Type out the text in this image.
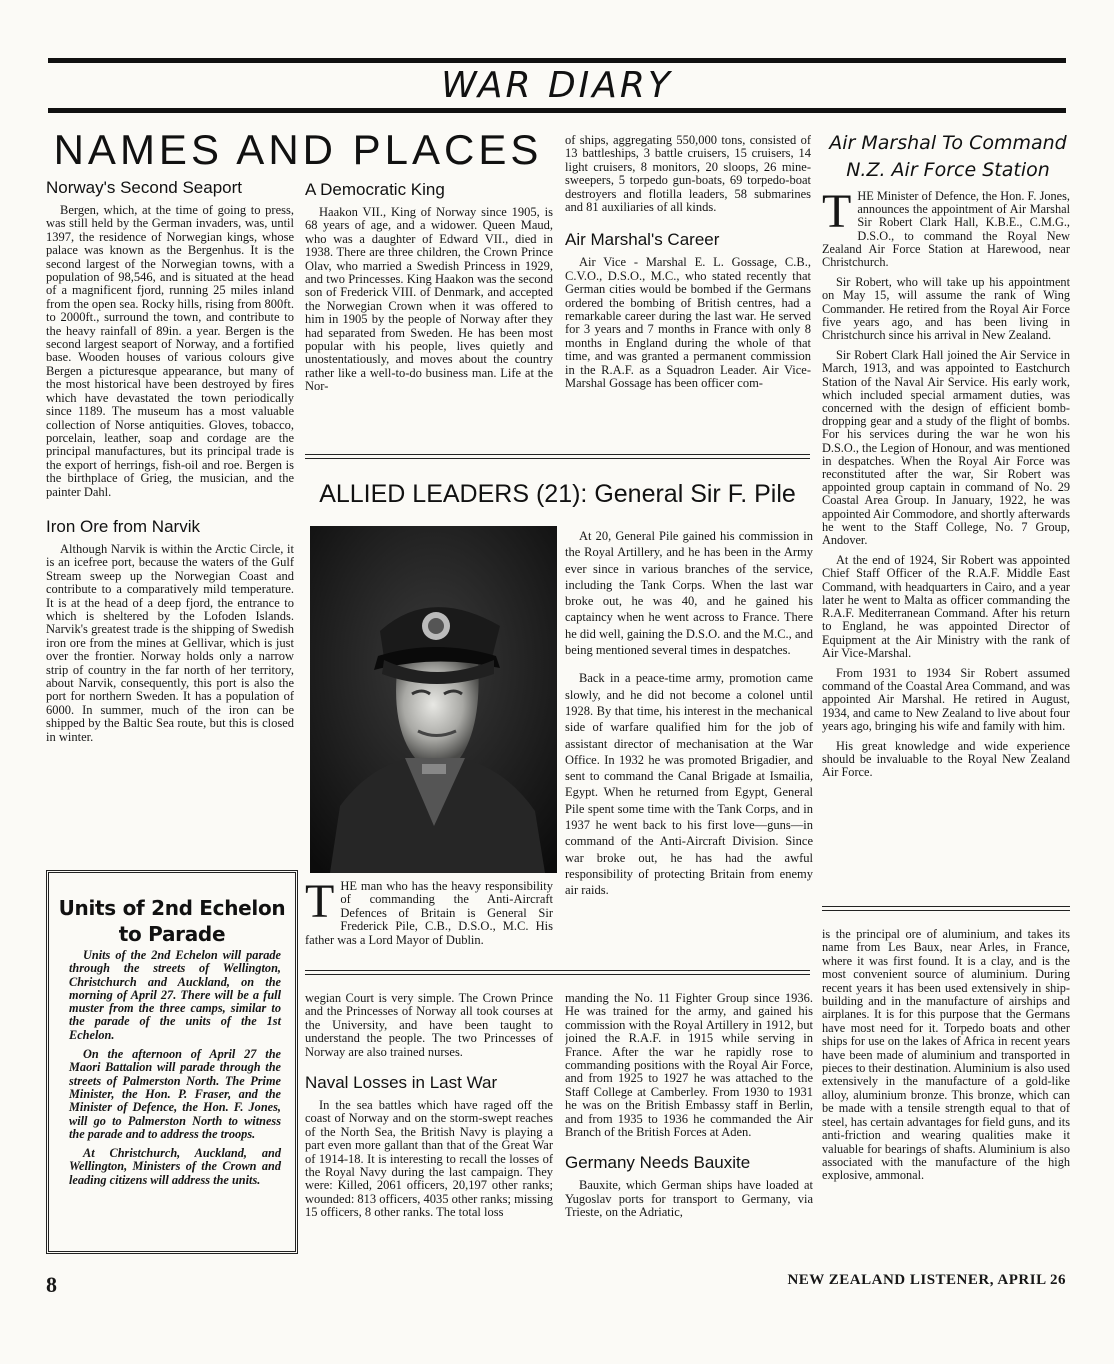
WAR DIARY
NAMES AND PLACES
Norway's Second Seaport

Bergen, which, at the time of going to press, was still held by the German invaders, was, until 1397, the residence of Norwegian kings, whose palace was known as the Bergenhus. It is the second largest of the Norwegian towns, with a population of 98,546, and is situated at the head of a magnificent fjord, running 25 miles inland from the open sea. Rocky hills, rising from 800ft. to 2000ft., surround the town, and contribute to the heavy rainfall of 89in. a year. Bergen is the second largest seaport of Norway, and a fortified base. Wooden houses of various colours give Bergen a picturesque appearance, but many of the most historical have been destroyed by fires which have devastated the town periodically since 1189. The museum has a most valuable collection of Norse antiquities. Gloves, tobacco, porcelain, leather, soap and cordage are the principal manufactures, but its principal trade is the export of herrings, fish-oil and roe. Bergen is the birthplace of Grieg, the musician, and the painter Dahl.

Iron Ore from Narvik

Although Narvik is within the Arctic Circle, it is an icefree port, because the waters of the Gulf Stream sweep up the Norwegian Coast and contribute to a comparatively mild temperature. It is at the head of a deep fjord, the entrance to which is sheltered by the Lofoden Islands. Narvik's greatest trade is the shipping of Swedish iron ore from the mines at Gellivar, which is just over the frontier. Norway holds only a narrow strip of country in the far north of her territory, about Narvik, consequently, this port is also the port for northern Sweden. It has a population of 6000. In summer, much of the iron can be shipped by the Baltic Sea route, but this is closed in winter.

Units of 2nd Echelon
to Parade

Units of the 2nd Echelon will parade through the streets of Wellington, Christchurch and Auckland, on the morning of April 27. There will be a full muster from the three camps, similar to the parade of the units of the 1st Echelon.

On the afternoon of April 27 the Maori Battalion will parade through the streets of Palmerston North. The Prime Minister, the Hon. P. Fraser, and the Minister of Defence, the Hon. F. Jones, will go to Palmerston North to witness the parade and to address the troops.

At Christchurch, Auckland, and Wellington, Ministers of the Crown and leading citizens will address the units.

A Democratic King

Haakon VII., King of Norway since 1905, is 68 years of age, and a widower. Queen Maud, who was a daughter of Edward VII., died in 1938. There are three children, the Crown Prince Olav, who married a Swedish Princess in 1929, and two Princesses. King Haakon was the second son of Frederick VIII. of Denmark, and accepted the Norwegian Crown when it was offered to him in 1905 by the people of Norway after they had separated from Sweden. He has been most popular with his people, lives quietly and unostentatiously, and moves about the country rather like a well-to-do business man. Life at the Nor-

of ships, aggregating 550,000 tons, consisted of 13 battleships, 3 battle cruisers, 15 cruisers, 14 light cruisers, 8 monitors, 20 sloops, 26 mine-sweepers, 5 torpedo gun-boats, 69 torpedo-boat destroyers and flotilla leaders, 58 submarines and 81 auxiliaries of all kinds.

Air Marshal's Career

Air Vice - Marshal E. L. Gossage, C.B., C.V.O., D.S.O., M.C., who stated recently that German cities would be bombed if the Germans ordered the bombing of British centres, had a remarkable career during the last war. He served for 3 years and 7 months in France with only 8 months in England during the whole of that time, and was granted a permanent commission in the R.A.F. as a Squadron Leader. Air Vice-Marshal Gossage has been officer com-

ALLIED LEADERS (21): General Sir F. Pile

THE man who has the heavy responsibility of commanding the Anti-Aircraft Defences of Britain is General Sir Frederick Pile, C.B., D.S.O., M.C. His father was a Lord Mayor of Dublin.

At 20, General Pile gained his commission in the Royal Artillery, and he has been in the Army ever since in various branches of the service, including the Tank Corps. When the last war broke out, he was 40, and he gained his captaincy when he went across to France. There he did well, gaining the D.S.O. and the M.C., and being mentioned several times in despatches.

Back in a peace-time army, promotion came slowly, and he did not become a colonel until 1928. By that time, his interest in the mechanical side of warfare qualified him for the job of assistant director of mechanisation at the War Office. In 1932 he was promoted Brigadier, and sent to command the Canal Brigade at Ismailia, Egypt. When he returned from Egypt, General Pile spent some time with the Tank Corps, and in 1937 he went back to his first love—guns—in command of the Anti-Aircraft Division. Since war broke out, he has had the awful responsibility of protecting Britain from enemy air raids.

wegian Court is very simple. The Crown Prince and the Princesses of Norway all took courses at the University, and have been taught to understand the people. The two Princesses of Norway are also trained nurses.

Naval Losses in Last War

In the sea battles which have raged off the coast of Norway and on the storm-swept reaches of the North Sea, the British Navy is playing a part even more gallant than that of the Great War of 1914-18. It is interesting to recall the losses of the Royal Navy during the last campaign. They were: Killed, 2061 officers, 20,197 other ranks; wounded: 813 officers, 4035 other ranks; missing 15 officers, 8 other ranks. The total loss

manding the No. 11 Fighter Group since 1936. He was trained for the army, and gained his commission with the Royal Artillery in 1912, but joined the R.A.F. in 1915 while serving in France. After the war he rapidly rose to commanding positions with the Royal Air Force, and from 1925 to 1927 he was attached to the Staff College at Camberley. From 1930 to 1931 he was on the British Embassy staff in Berlin, and from 1935 to 1936 he commanded the Air Branch of the British Forces at Aden.

Germany Needs Bauxite

Bauxite, which German ships have loaded at Yugoslav ports for transport to Germany, via Trieste, on the Adriatic,

Air Marshal To Command
N.Z. Air Force Station

THE Minister of Defence, the Hon. F. Jones, announces the appointment of Air Marshal Sir Robert Clark Hall, K.B.E., C.M.G., D.S.O., to command the Royal New Zealand Air Force Station at Harewood, near Christchurch.

Sir Robert, who will take up his appointment on May 15, will assume the rank of Wing Commander. He retired from the Royal Air Force five years ago, and has been living in Christchurch since his arrival in New Zealand.

Sir Robert Clark Hall joined the Air Service in March, 1913, and was appointed to Eastchurch Station of the Naval Air Service. His early work, which included special armament duties, was concerned with the design of efficient bomb-dropping gear and a study of the flight of bombs. For his services during the war he won his D.S.O., the Legion of Honour, and was mentioned in despatches. When the Royal Air Force was reconstituted after the war, Sir Robert was appointed group captain in command of No. 29 Coastal Area Group. In January, 1922, he was appointed Air Commodore, and shortly afterwards he went to the Staff College, No. 7 Group, Andover.

At the end of 1924, Sir Robert was appointed Chief Staff Officer of the R.A.F. Middle East Command, with headquarters in Cairo, and a year later he went to Malta as officer commanding the R.A.F. Mediterranean Command. After his return to England, he was appointed Director of Equipment at the Air Ministry with the rank of Air Vice-Marshal.

From 1931 to 1934 Sir Robert assumed command of the Coastal Area Command, and was appointed Air Marshal. He retired in August, 1934, and came to New Zealand to live about four years ago, bringing his wife and family with him.

His great knowledge and wide experience should be invaluable to the Royal New Zealand Air Force.

is the principal ore of aluminium, and takes its name from Les Baux, near Arles, in France, where it was first found. It is a clay, and is the most convenient source of aluminium. During recent years it has been used extensively in ship-building and in the manufacture of airships and airplanes. It is for this purpose that the Germans have most need for it. Torpedo boats and other ships for use on the lakes of Africa in recent years have been made of aluminium and transported in pieces to their destination. Aluminium is also used extensively in the manufacture of a gold-like alloy, aluminium bronze. This bronze, which can be made with a tensile strength equal to that of steel, has certain advantages for field guns, and its anti-friction and wearing qualities make it valuable for bearings of shafts. Aluminium is also associated with the manufacture of the high explosive, ammonal.

8	NEW ZEALAND LISTENER, APRIL 26
